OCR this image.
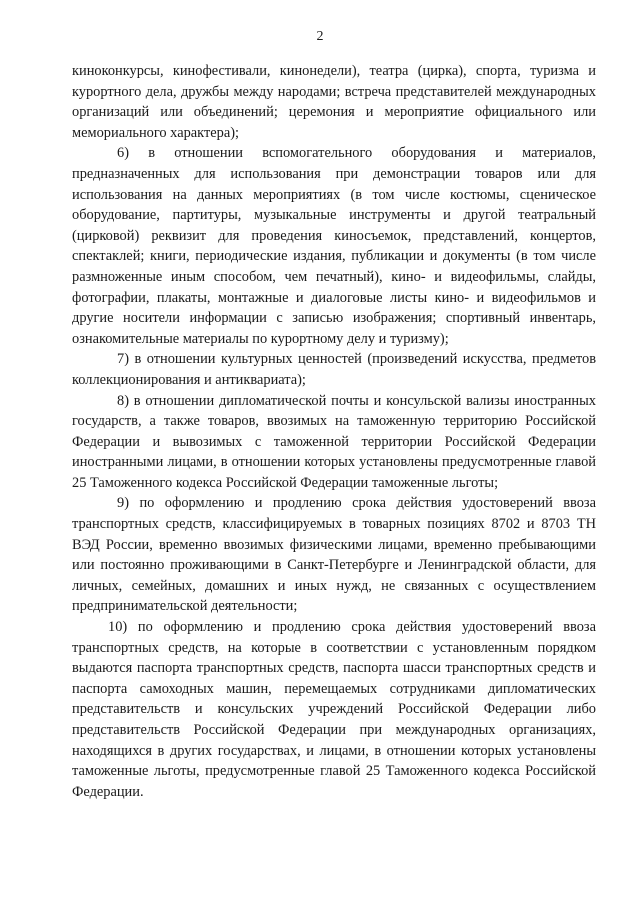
2

киноконкурсы, кинофестивали, кинонедели), театра (цирка), спорта, туризма и курортного дела, дружбы между народами; встреча представителей международных организаций или объединений; церемония и мероприятие официального или мемориального характера);

6) в отношении вспомогательного оборудования и материалов, предназначенных для использования при демонстрации товаров или для использования на данных мероприятиях (в том числе костюмы, сценическое оборудование, партитуры, музыкальные инструменты и другой театральный (цирковой) реквизит для проведения киносъемок, представлений, концертов, спектаклей; книги, периодические издания, публикации и документы (в том числе размноженные иным способом, чем печатный), кино- и видеофильмы, слайды, фотографии, плакаты, монтажные и диалоговые листы кино- и видеофильмов и другие носители информации с записью изображения; спортивный инвентарь, ознакомительные материалы по курортному делу и туризму);

7) в отношении культурных ценностей (произведений искусства, предметов коллекционирования и антиквариата);

8) в отношении дипломатической почты и консульской вализы иностранных государств, а также товаров, ввозимых на таможенную территорию Российской Федерации и вывозимых с таможенной территории Российской Федерации иностранными лицами, в отношении которых установлены предусмотренные главой 25 Таможенного кодекса Российской Федерации таможенные льготы;

9) по оформлению и продлению срока действия удостоверений ввоза транспортных средств, классифицируемых в товарных позициях 8702 и 8703 ТН ВЭД России, временно ввозимых физическими лицами, временно пребывающими или постоянно проживающими в Санкт-Петербурге и Ленинградской области, для личных, семейных, домашних и иных нужд, не связанных с осуществлением предпринимательской деятельности;

10) по оформлению и продлению срока действия удостоверений ввоза транспортных средств, на которые в соответствии с установленным порядком выдаются паспорта транспортных средств, паспорта шасси транспортных средств и паспорта самоходных машин, перемещаемых сотрудниками дипломатических представительств и консульских учреждений Российской Федерации либо представительств Российской Федерации при международных организациях, находящихся в других государствах, и лицами, в отношении которых установлены таможенные льготы, предусмотренные главой 25 Таможенного кодекса Российской Федерации.
